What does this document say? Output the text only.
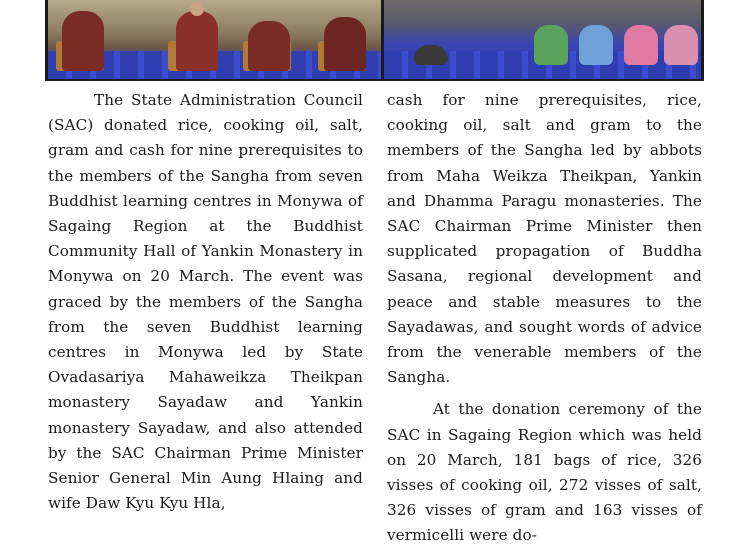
The State Administration Council (SAC) donated rice, cooking oil, salt, gram and cash for nine prerequisites to the members of the Sangha from seven Buddhist learning centres in Monywa of Sagaing Region at the Buddhist Community Hall of Yankin Monastery in Monywa on 20 March. The event was graced by the members of the Sangha from the seven Buddhist learning centres in Monywa led by State Ovadasariya Mahaweikza Theikpan monastery Sayadaw and Yankin monastery Sayadaw, and also attended by the SAC Chairman Prime Minister Senior General Min Aung Hlaing and wife Daw Kyu Kyu Hla,

cash for nine prerequisites, rice, cooking oil, salt and gram to the members of the Sangha led by abbots from Maha Weikza Theikpan, Yankin and Dhamma Paragu monasteries. The SAC Chairman Prime Minister then supplicated propagation of Buddha Sasana, regional development and peace and stable measures to the Sayadawas, and sought words of advice from the venerable members of the Sangha.

At the donation ceremony of the SAC in Sagaing Region which was held on 20 March, 181 bags of rice, 326 visses of cooking oil, 272 visses of salt, 326 visses of gram and 163 visses of vermicelli were do-
